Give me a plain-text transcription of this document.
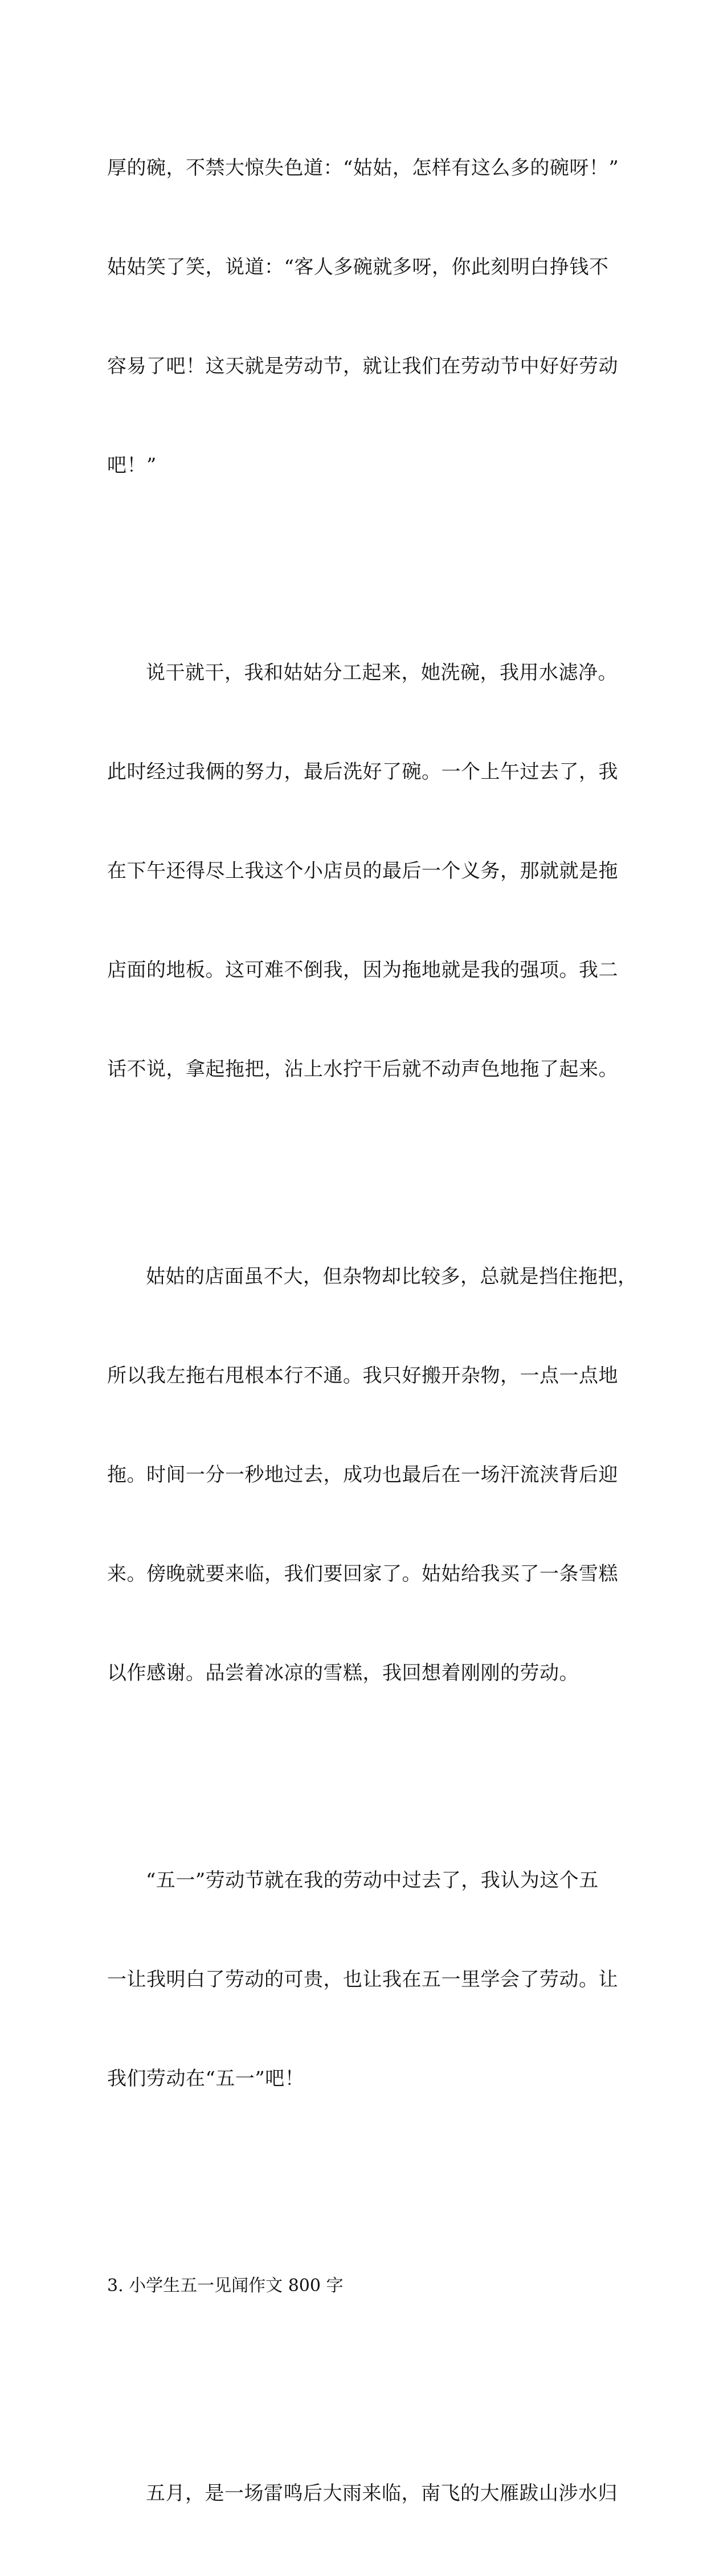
厚的碗，不禁大惊失色道：“姑姑，怎样有这么多的碗呀！”

姑姑笑了笑，说道：“客人多碗就多呀，你此刻明白挣钱不

容易了吧！这天就是劳动节，就让我们在劳动节中好好劳动

吧！”

说干就干，我和姑姑分工起来，她洗碗，我用水滤净。

此时经过我俩的努力，最后洗好了碗。一个上午过去了，我

在下午还得尽上我这个小店员的最后一个义务，那就就是拖

店面的地板。这可难不倒我，因为拖地就是我的强项。我二

话不说，拿起拖把，沾上水拧干后就不动声色地拖了起来。

姑姑的店面虽不大，但杂物却比较多，总就是挡住拖把，

所以我左拖右甩根本行不通。我只好搬开杂物，一点一点地

拖。时间一分一秒地过去，成功也最后在一场汗流浃背后迎

来。傍晚就要来临，我们要回家了。姑姑给我买了一条雪糕

以作感谢。品尝着冰凉的雪糕，我回想着刚刚的劳动。

“五一”劳动节就在我的劳动中过去了，我认为这个五

一让我明白了劳动的可贵，也让我在五一里学会了劳动。让

我们劳动在“五一”吧！

3. 小学生五一见闻作文 800 字

五月，是一场雷鸣后大雨来临，南飞的大雁跋山涉水归
